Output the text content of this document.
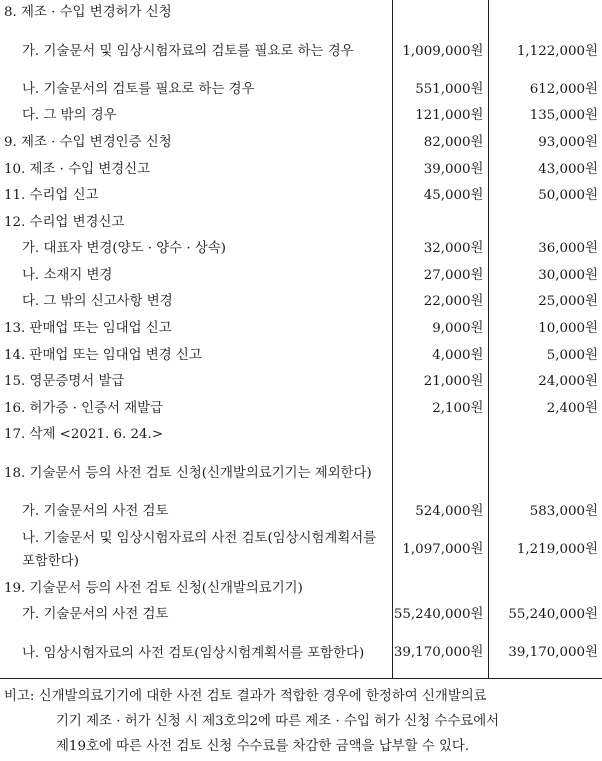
8. 제조 · 수입 변경허가 신청		
가. 기술문서 및 임상시험자료의 검토를 필요로 하는 경우	1,009,000원	1,122,000원
나. 기술문서의 검토를 필요로 하는 경우	551,000원	612,000원
다. 그 밖의 경우	121,000원	135,000원
9. 제조 · 수입 변경인증 신청	82,000원	93,000원
10. 제조 · 수입 변경신고	39,000원	43,000원
11. 수리업 신고	45,000원	50,000원
12. 수리업 변경신고		
가. 대표자 변경(양도 · 양수 · 상속)	32,000원	36,000원
나. 소재지 변경	27,000원	30,000원
다. 그 밖의 신고사항 변경	22,000원	25,000원
13. 판매업 또는 임대업 신고	9,000원	10,000원
14. 판매업 또는 임대업 변경 신고	4,000원	5,000원
15. 영문증명서 발급	21,000원	24,000원
16. 허가증 · 인증서 재발급	2,100원	2,400원
17. 삭제 <2021. 6. 24.>		
18. 기술문서 등의 사전 검토 신청(신개발의료기기는 제외한다)		
가. 기술문서의 사전 검토	524,000원	583,000원
나. 기술문서 및 임상시험자료의 사전 검토(임상시험계획서를 포함한다)	1,097,000원	1,219,000원
19. 기술문서 등의 사전 검토 신청(신개발의료기기)		
가. 기술문서의 사전 검토	55,240,000원	55,240,000원
나. 임상시험자료의 사전 검토(임상시험계획서를 포함한다)	39,170,000원	39,170,000원
비고: 신개발의료기기에 대한 사전 검토 결과가 적합한 경우에 한정하여 신개발의료
기기 제조 · 허가 신청 시 제3호의2에 따른 제조 · 수입 허가 신청 수수료에서
제19호에 따른 사전 검토 신청 수수료를 차감한 금액을 납부할 수 있다.
